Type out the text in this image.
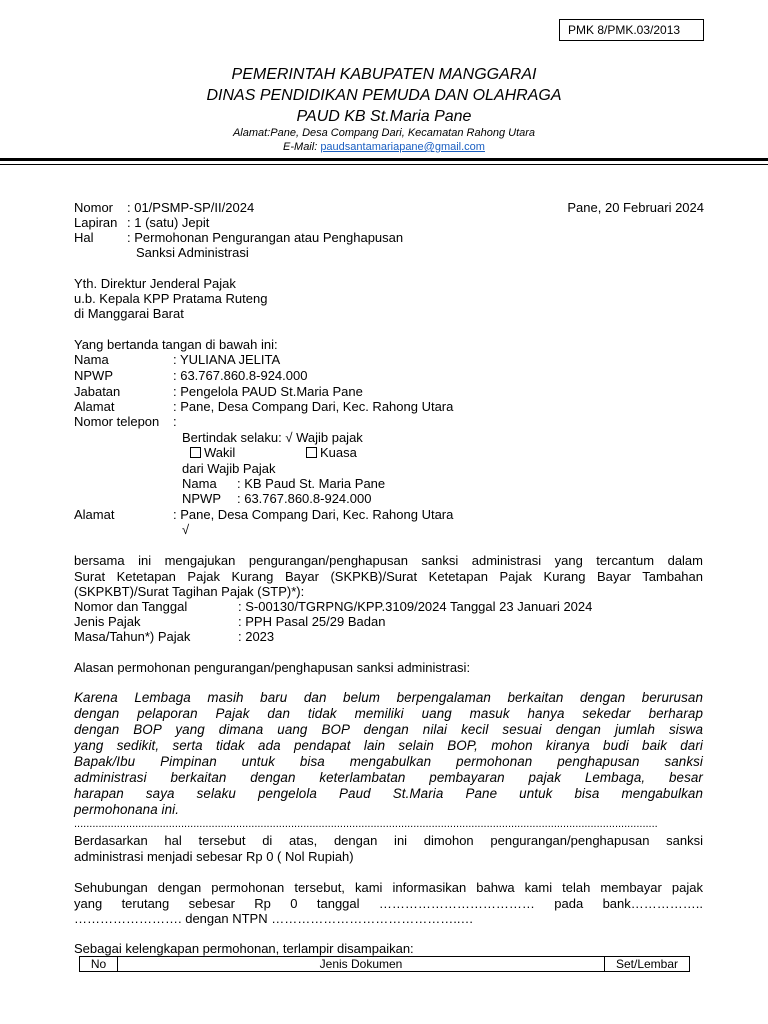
PMK 8/PMK.03/2013
PEMERINTAH KABUPATEN MANGGARAI
DINAS PENDIDIKAN PEMUDA DAN OLAHRAGA
PAUD KB St.Maria Pane
Alamat:Pane, Desa Compang Dari, Kecamatan Rahong Utara
E-Mail: paudsantamariapane@gmail.com
Nomor : 01/PSMP-SP/II/2024
Lapiran : 1 (satu) Jepit
Hal	: Permohonan Pengurangan atau Penghapusan
Sanksi Administrasi
Pane, 20 Februari 2024
Yth. Direktur Jenderal Pajak
u.b. Kepala KPP Pratama Ruteng
di Manggarai Barat
Yang bertanda tangan di bawah ini:
Nama	: YULIANA JELITA
NPWP	: 63.767.860.8-924.000
Jabatan	: Pengelola PAUD St.Maria Pane
Alamat	: Pane, Desa Compang Dari, Kec. Rahong Utara
Nomor telepon :
Bertindak selaku: √ Wajib pajak
Wakil	Kuasa
dari Wajib Pajak
Nama : KB Paud St. Maria Pane
NPWP : 63.767.860.8-924.000
Alamat	: Pane, Desa Compang Dari, Kec. Rahong Utara
√
bersama ini mengajukan pengurangan/penghapusan sanksi administrasi yang tercantum dalam
Surat Ketetapan Pajak Kurang Bayar (SKPKB)/Surat Ketetapan Pajak Kurang Bayar Tambahan
(SKPKBT)/Surat Tagihan Pajak (STP)*):
Nomor dan Tanggal	: S-00130/TGRPNG/KPP.3109/2024 Tanggal 23 Januari 2024
Jenis Pajak	: PPH Pasal 25/29 Badan
Masa/Tahun*) Pajak	: 2023
Alasan permohonan pengurangan/penghapusan sanksi administrasi:
Karena Lembaga masih baru dan belum berpengalaman berkaitan dengan berurusan
dengan pelaporan Pajak dan tidak memiliki uang masuk hanya sekedar berharap
dengan BOP yang dimana uang BOP dengan nilai kecil sesuai dengan jumlah siswa
yang sedikit, serta tidak ada pendapat lain selain BOP, mohon kiranya budi baik dari
Bapak/Ibu Pimpinan untuk bisa mengabulkan permohonan penghapusan sanksi
administrasi berkaitan dengan keterlambatan pembayaran pajak Lembaga, besar
harapan saya selaku pengelola Paud St.Maria Pane untuk bisa mengabulkan
permohonana ini.
...............................................................................................................................................................................................
Berdasarkan hal tersebut di atas, dengan ini dimohon pengurangan/penghapusan sanksi
administrasi menjadi sebesar Rp 0 ( Nol Rupiah)
Sehubungan dengan permohonan tersebut, kami informasikan bahwa kami telah membayar pajak
yang terutang sebesar Rp 0 tanggal ……………………………… pada bank……………..
……………………. dengan NTPN ……………………………………..…
Sebagai kelengkapan permohonan, terlampir disampaikan:
No	Jenis Dokumen	Set/Lembar
